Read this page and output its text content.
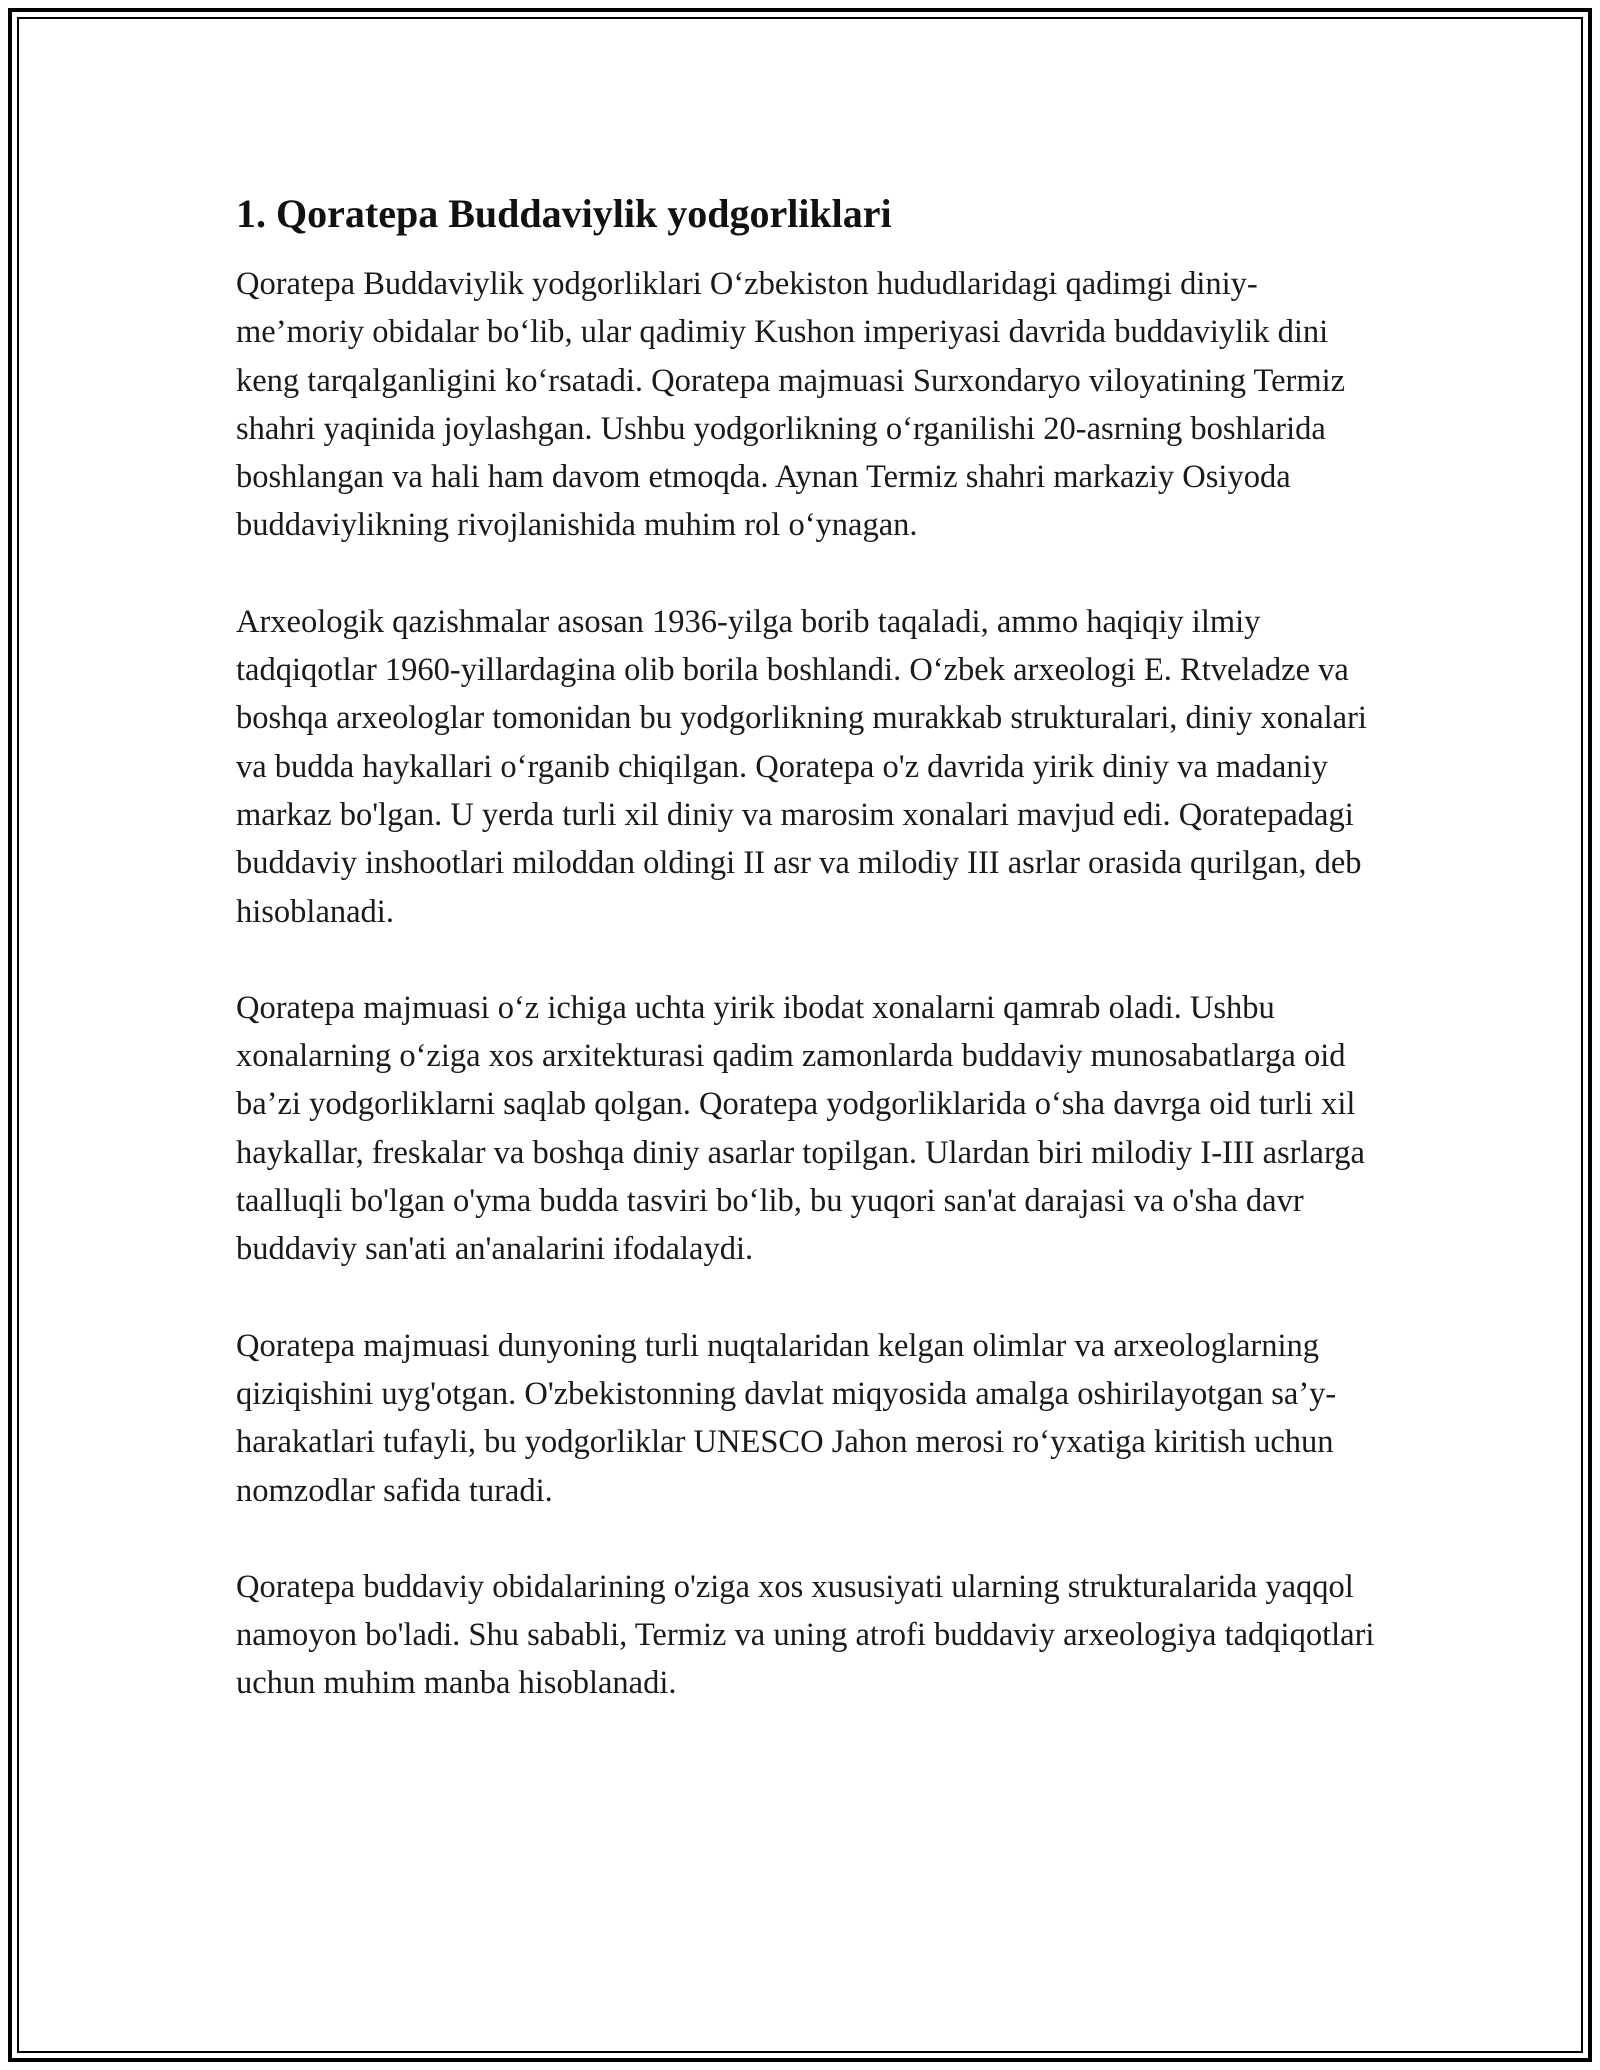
1. Qoratepa Buddaviylik yodgorliklari

Qoratepa Buddaviylik yodgorliklari O‘zbekiston hududlaridagi qadimgi diniy-me’moriy obidalar bo‘lib, ular qadimiy Kushon imperiyasi davrida buddaviylik dini keng tarqalganligini ko‘rsatadi. Qoratepa majmuasi Surxondaryo viloyatining Termiz shahri yaqinida joylashgan. Ushbu yodgorlikning o‘rganilishi 20-asrning boshlarida boshlangan va hali ham davom etmoqda. Aynan Termiz shahri markaziy Osiyoda buddaviylikning rivojlanishida muhim rol o‘ynagan.

Arxeologik qazishmalar asosan 1936-yilga borib taqaladi, ammo haqiqiy ilmiy tadqiqotlar 1960-yillardagina olib borila boshlandi. O‘zbek arxeologi E. Rtveladze va boshqa arxeologlar tomonidan bu yodgorlikning murakkab strukturalari, diniy xonalari va budda haykallari o‘rganib chiqilgan. Qoratepa o'z davrida yirik diniy va madaniy markaz bo'lgan. U yerda turli xil diniy va marosim xonalari mavjud edi. Qoratepadagi buddaviy inshootlari miloddan oldingi II asr va milodiy III asrlar orasida qurilgan, deb hisoblanadi.

Qoratepa majmuasi o‘z ichiga uchta yirik ibodat xonalarni qamrab oladi. Ushbu xonalarning o‘ziga xos arxitekturasi qadim zamonlarda buddaviy munosabatlarga oid ba’zi yodgorliklarni saqlab qolgan. Qoratepa yodgorliklarida o‘sha davrga oid turli xil haykallar, freskalar va boshqa diniy asarlar topilgan. Ulardan biri milodiy I-III asrlarga taalluqli bo'lgan o'yma budda tasviri bo‘lib, bu yuqori san'at darajasi va o'sha davr buddaviy san'ati an'analarini ifodalaydi.

Qoratepa majmuasi dunyoning turli nuqtalaridan kelgan olimlar va arxeologlarning qiziqishini uyg'otgan. O'zbekistonning davlat miqyosida amalga oshirilayotgan sa’y-harakatlari tufayli, bu yodgorliklar UNESCO Jahon merosi ro‘yxatiga kiritish uchun nomzodlar safida turadi.

Qoratepa buddaviy obidalarining o'ziga xos xususiyati ularning strukturalarida yaqqol namoyon bo'ladi. Shu sababli, Termiz va uning atrofi buddaviy arxeologiya tadqiqotlari uchun muhim manba hisoblanadi.
